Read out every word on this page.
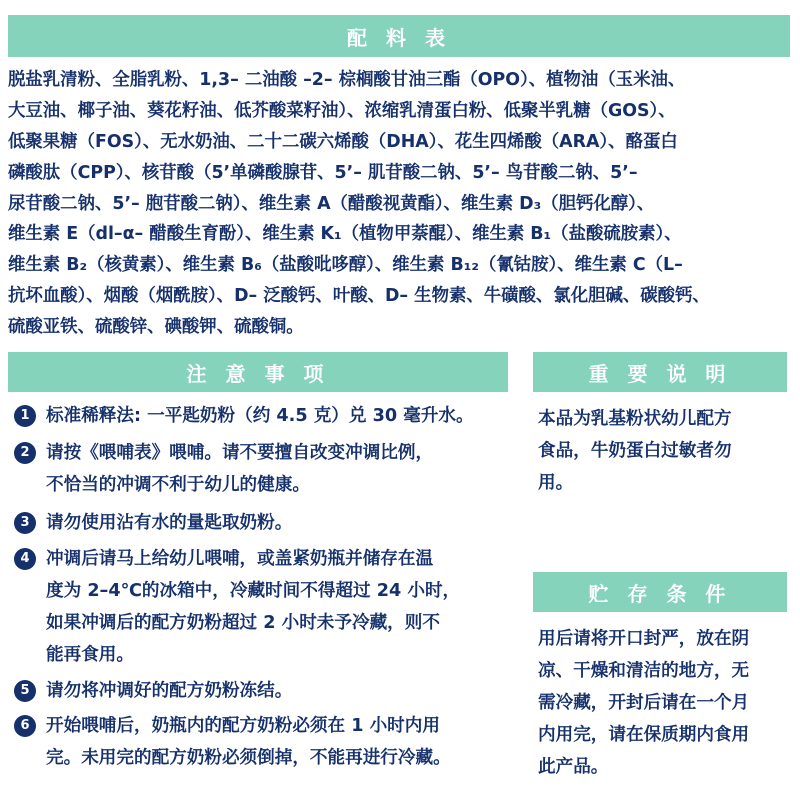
配 料 表
脱盐乳清粉、全脂乳粉、1,3– 二油酸 –2– 棕榈酸甘油三酯（OPO）、植物油（玉米油、
大豆油、椰子油、葵花籽油、低芥酸菜籽油）、浓缩乳清蛋白粉、低聚半乳糖（GOS）、
低聚果糖（FOS）、无水奶油、二十二碳六烯酸（DHA）、花生四烯酸（ARA）、酪蛋白
磷酸肽（CPP）、核苷酸（5’单磷酸腺苷、5’– 肌苷酸二钠、5’– 鸟苷酸二钠、5’–
尿苷酸二钠、5’– 胞苷酸二钠）、维生素 A（醋酸视黄酯）、维生素 D₃（胆钙化醇）、
维生素 E（dl–α– 醋酸生育酚）、维生素 K₁（植物甲萘醌）、维生素 B₁（盐酸硫胺素）、
维生素 B₂（核黄素）、维生素 B₆（盐酸吡哆醇）、维生素 B₁₂（氰钴胺）、维生素 C（L–
抗坏血酸）、烟酸（烟酰胺）、D– 泛酸钙、叶酸、D– 生物素、牛磺酸、氯化胆碱、碳酸钙、
硫酸亚铁、硫酸锌、碘酸钾、硫酸铜。
注 意 事 项	重 要 说 明
1 标准稀释法: 一平匙奶粉（约 4.5 克）兑 30 毫升水。
2 请按《喂哺表》喂哺。请不要擅自改变冲调比例，
不恰当的冲调不利于幼儿的健康。
3 请勿使用沾有水的量匙取奶粉。
4 冲调后请马上给幼儿喂哺，或盖紧奶瓶并储存在温
度为 2–4℃的冰箱中，冷藏时间不得超过 24 小时，
如果冲调后的配方奶粉超过 2 小时未予冷藏，则不
能再食用。
5 请勿将冲调好的配方奶粉冻结。
6 开始喂哺后，奶瓶内的配方奶粉必须在 1 小时内用
完。未用完的配方奶粉必须倒掉，不能再进行冷藏。
本品为乳基粉状幼儿配方
食品，牛奶蛋白过敏者勿
用。
贮 存 条 件
用后请将开口封严，放在阴
凉、干燥和清洁的地方，无
需冷藏，开封后请在一个月
内用完，请在保质期内食用
此产品。
